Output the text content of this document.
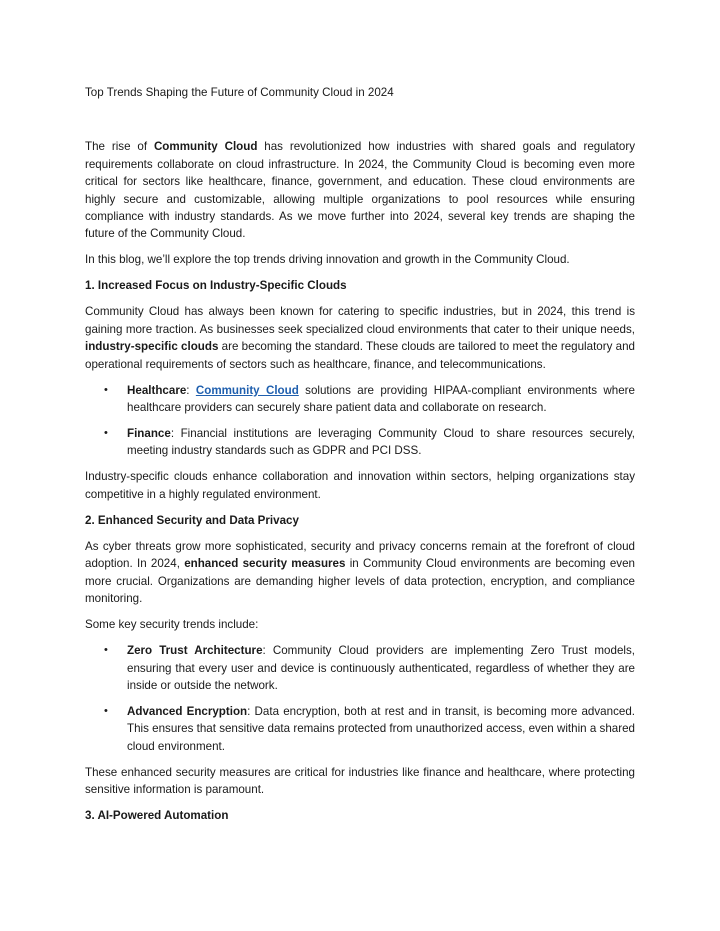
Top Trends Shaping the Future of Community Cloud in 2024

The rise of Community Cloud has revolutionized how industries with shared goals and regulatory requirements collaborate on cloud infrastructure. In 2024, the Community Cloud is becoming even more critical for sectors like healthcare, finance, government, and education. These cloud environments are highly secure and customizable, allowing multiple organizations to pool resources while ensuring compliance with industry standards. As we move further into 2024, several key trends are shaping the future of the Community Cloud.

In this blog, we’ll explore the top trends driving innovation and growth in the Community Cloud.

1. Increased Focus on Industry-Specific Clouds

Community Cloud has always been known for catering to specific industries, but in 2024, this trend is gaining more traction. As businesses seek specialized cloud environments that cater to their unique needs, industry-specific clouds are becoming the standard. These clouds are tailored to meet the regulatory and operational requirements of sectors such as healthcare, finance, and telecommunications.

• Healthcare: Community Cloud solutions are providing HIPAA-compliant environments where healthcare providers can securely share patient data and collaborate on research.
• Finance: Financial institutions are leveraging Community Cloud to share resources securely, meeting industry standards such as GDPR and PCI DSS.

Industry-specific clouds enhance collaboration and innovation within sectors, helping organizations stay competitive in a highly regulated environment.

2. Enhanced Security and Data Privacy

As cyber threats grow more sophisticated, security and privacy concerns remain at the forefront of cloud adoption. In 2024, enhanced security measures in Community Cloud environments are becoming even more crucial. Organizations are demanding higher levels of data protection, encryption, and compliance monitoring.

Some key security trends include:

• Zero Trust Architecture: Community Cloud providers are implementing Zero Trust models, ensuring that every user and device is continuously authenticated, regardless of whether they are inside or outside the network.
• Advanced Encryption: Data encryption, both at rest and in transit, is becoming more advanced. This ensures that sensitive data remains protected from unauthorized access, even within a shared cloud environment.

These enhanced security measures are critical for industries like finance and healthcare, where protecting sensitive information is paramount.

3. AI-Powered Automation
